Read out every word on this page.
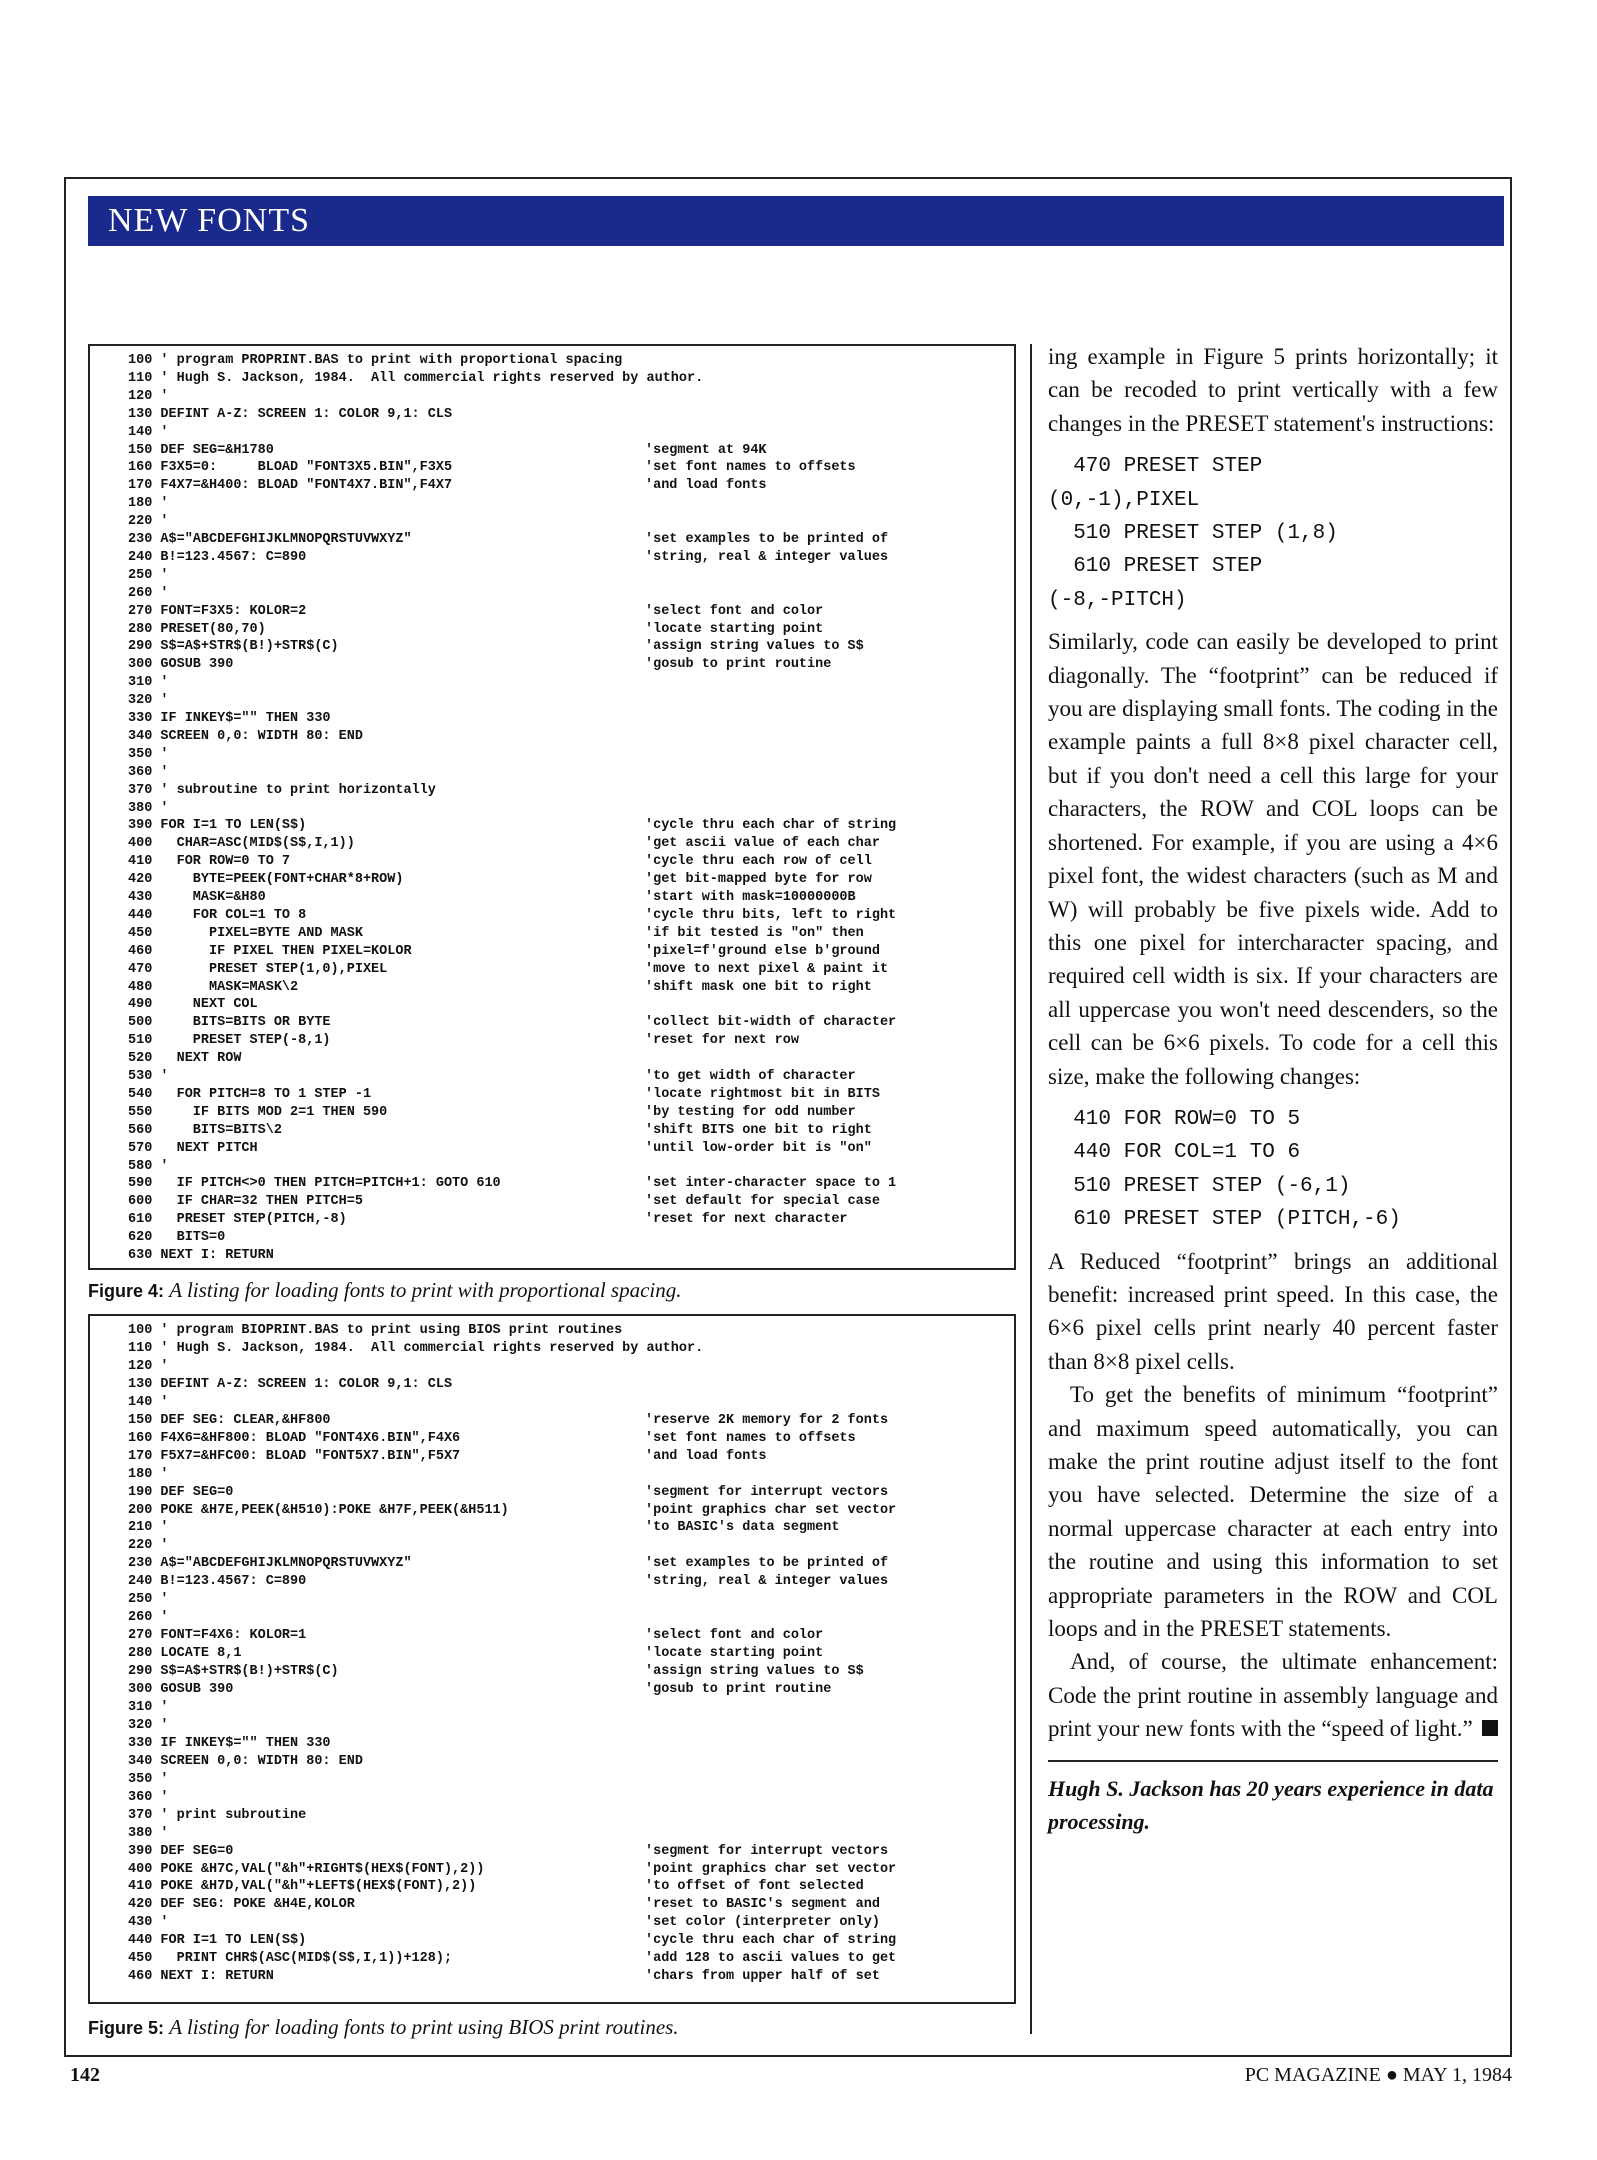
NEW FONTS
100 ' program PROPRINT.BAS to print with proportional spacing
110 ' Hugh S. Jackson, 1984.  All commercial rights reserved by author.
120 '
130 DEFINT A-Z: SCREEN 1: COLOR 9,1: CLS
140 '
150 DEF SEG=&H1780	'segment at 94K
160 F3X5=0:     BLOAD "FONT3X5.BIN",F3X5	'set font names to offsets
170 F4X7=&H400: BLOAD "FONT4X7.BIN",F4X7	'and load fonts
180 '
220 '
230 A$="ABCDEFGHIJKLMNOPQRSTUVWXYZ"	'set examples to be printed of
240 B!=123.4567: C=890	'string, real & integer values
250 '
260 '
270 FONT=F3X5: KOLOR=2	'select font and color
280 PRESET(80,70)	'locate starting point
290 S$=A$+STR$(B!)+STR$(C)	'assign string values to S$
300 GOSUB 390	'gosub to print routine
310 '
320 '
330 IF INKEY$="" THEN 330
340 SCREEN 0,0: WIDTH 80: END
350 '
360 '
370 ' subroutine to print horizontally
380 '
390 FOR I=1 TO LEN(S$)	'cycle thru each char of string
400   CHAR=ASC(MID$(S$,I,1))	'get ascii value of each char
410   FOR ROW=0 TO 7	'cycle thru each row of cell
420     BYTE=PEEK(FONT+CHAR*8+ROW)	'get bit-mapped byte for row
430     MASK=&H80	'start with mask=10000000B
440     FOR COL=1 TO 8	'cycle thru bits, left to right
450       PIXEL=BYTE AND MASK	'if bit tested is "on" then
460       IF PIXEL THEN PIXEL=KOLOR	'pixel=f'ground else b'ground
470       PRESET STEP(1,0),PIXEL	'move to next pixel & paint it
480       MASK=MASK\2	'shift mask one bit to right
490     NEXT COL
500     BITS=BITS OR BYTE	'collect bit-width of character
510     PRESET STEP(-8,1)	'reset for next row
520   NEXT ROW
530 '	'to get width of character
540   FOR PITCH=8 TO 1 STEP -1	'locate rightmost bit in BITS
550     IF BITS MOD 2=1 THEN 590	'by testing for odd number
560     BITS=BITS\2	'shift BITS one bit to right
570   NEXT PITCH	'until low-order bit is "on"
580 '
590   IF PITCH<>0 THEN PITCH=PITCH+1: GOTO 610	'set inter-character space to 1
600   IF CHAR=32 THEN PITCH=5	'set default for special case
610   PRESET STEP(PITCH,-8)	'reset for next character
620   BITS=0
630 NEXT I: RETURN
Figure 4: A listing for loading fonts to print with proportional spacing.
100 ' program BIOPRINT.BAS to print using BIOS print routines
110 ' Hugh S. Jackson, 1984.  All commercial rights reserved by author.
120 '
130 DEFINT A-Z: SCREEN 1: COLOR 9,1: CLS
140 '
150 DEF SEG: CLEAR,&HF800	'reserve 2K memory for 2 fonts
160 F4X6=&HF800: BLOAD "FONT4X6.BIN",F4X6	'set font names to offsets
170 F5X7=&HFC00: BLOAD "FONT5X7.BIN",F5X7	'and load fonts
180 '
190 DEF SEG=0	'segment for interrupt vectors
200 POKE &H7E,PEEK(&H510):POKE &H7F,PEEK(&H511)	'point graphics char set vector
210 '	'to BASIC's data segment
220 '
230 A$="ABCDEFGHIJKLMNOPQRSTUVWXYZ"	'set examples to be printed of
240 B!=123.4567: C=890	'string, real & integer values
250 '
260 '
270 FONT=F4X6: KOLOR=1	'select font and color
280 LOCATE 8,1	'locate starting point
290 S$=A$+STR$(B!)+STR$(C)	'assign string values to S$
300 GOSUB 390	'gosub to print routine
310 '
320 '
330 IF INKEY$="" THEN 330
340 SCREEN 0,0: WIDTH 80: END
350 '
360 '
370 ' print subroutine
380 '
390 DEF SEG=0	'segment for interrupt vectors
400 POKE &H7C,VAL("&h"+RIGHT$(HEX$(FONT),2))	'point graphics char set vector
410 POKE &H7D,VAL("&h"+LEFT$(HEX$(FONT),2))	'to offset of font selected
420 DEF SEG: POKE &H4E,KOLOR	'reset to BASIC's segment and
430 '	'set color (interpreter only)
440 FOR I=1 TO LEN(S$)	'cycle thru each char of string
450   PRINT CHR$(ASC(MID$(S$,I,1))+128);	'add 128 to ascii values to get
460 NEXT I: RETURN	'chars from upper half of set
Figure 5: A listing for loading fonts to print using BIOS print routines.

ing example in Figure 5 prints horizontally; it can be recoded to print vertically with a few changes in the PRESET statement's instructions:

470 PRESET STEP
(0,-1),PIXEL
510 PRESET STEP (1,8)
610 PRESET STEP
(-8,-PITCH)

Similarly, code can easily be developed to print diagonally. The “footprint” can be reduced if you are displaying small fonts. The coding in the example paints a full 8×8 pixel character cell, but if you don't need a cell this large for your characters, the ROW and COL loops can be shortened. For example, if you are using a 4×6 pixel font, the widest characters (such as M and W) will probably be five pixels wide. Add to this one pixel for intercharacter spacing, and required cell width is six. If your characters are all uppercase you won't need descenders, so the cell can be 6×6 pixels. To code for a cell this size, make the following changes:

410 FOR ROW=0 TO 5
440 FOR COL=1 TO 6
510 PRESET STEP (-6,1)
610 PRESET STEP (PITCH,-6)

A Reduced “footprint” brings an additional benefit: increased print speed. In this case, the 6×6 pixel cells print nearly 40 percent faster than 8×8 pixel cells.

To get the benefits of minimum “footprint” and maximum speed automatically, you can make the print routine adjust itself to the font you have selected. Determine the size of a normal uppercase character at each entry into the routine and using this information to set appropriate parameters in the ROW and COL loops and in the PRESET statements.

And, of course, the ultimate enhancement: Code the print routine in assembly language and print your new fonts with the “speed of light.”

Hugh S. Jackson has 20 years experience in data processing.
142	PC MAGAZINE ● MAY 1, 1984
